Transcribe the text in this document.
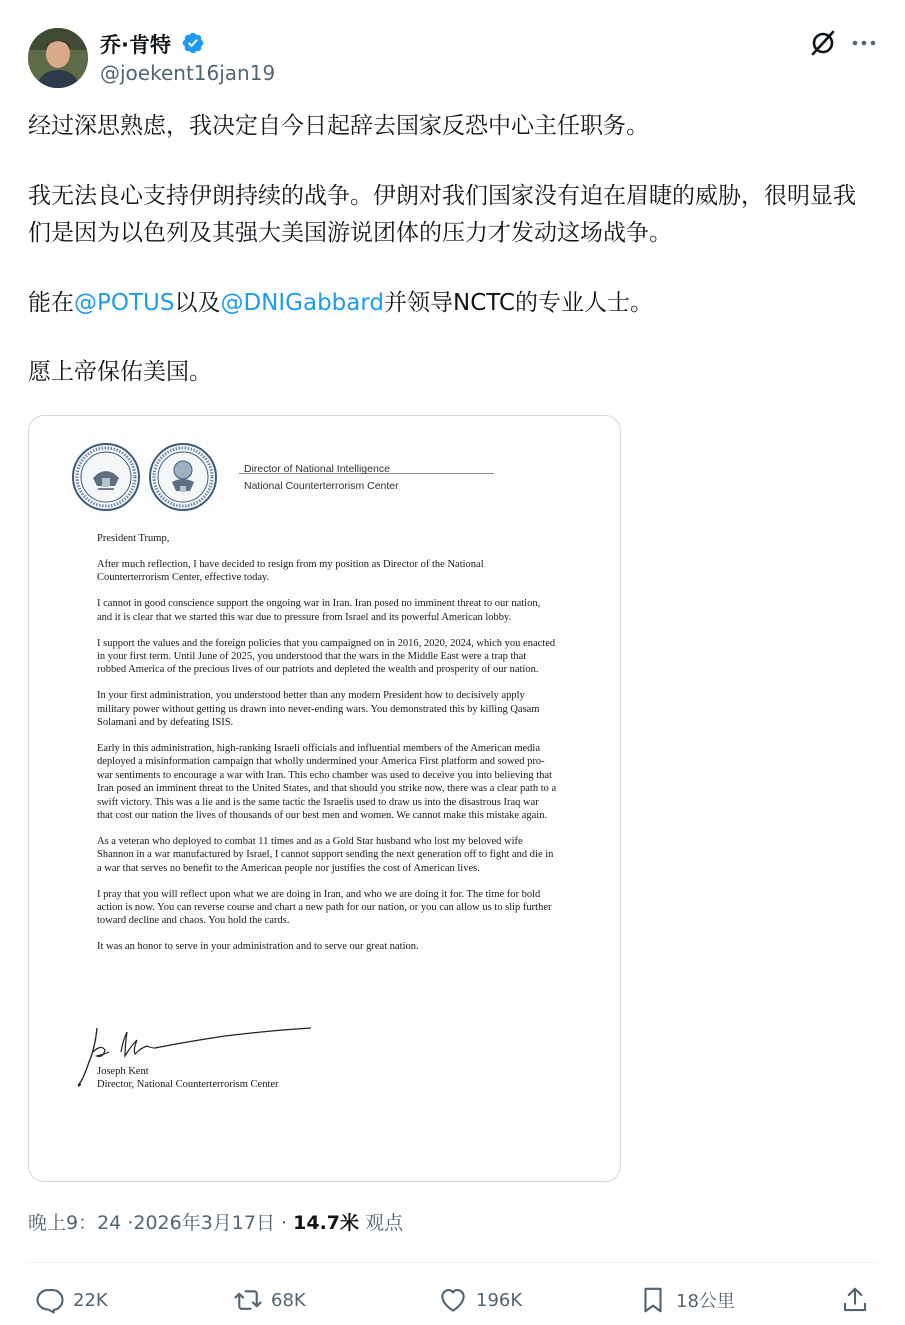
乔·肯特
@joekent16jan19

经过深思熟虑，我决定自今日起辞去国家反恐中心主任职务。

我无法良心支持伊朗持续的战争。伊朗对我们国家没有迫在眉睫的威胁，很明显我们是因为以色列及其强大美国游说团体的压力才发动这场战争。

能在@POTUS以及@DNIGabbard并领导NCTC的专业人士。

愿上帝保佑美国。

Director of National Intelligence
National Counterterrorism Center

President Trump,

After much reflection, I have decided to resign from my position as Director of the National Counterterrorism Center, effective today.

I cannot in good conscience support the ongoing war in Iran. Iran posed no imminent threat to our nation, and it is clear that we started this war due to pressure from Israel and its powerful American lobby.

I support the values and the foreign policies that you campaigned on in 2016, 2020, 2024, which you enacted in your first term. Until June of 2025, you understood that the wars in the Middle East were a trap that robbed America of the precious lives of our patriots and depleted the wealth and prosperity of our nation.

In your first administration, you understood better than any modern President how to decisively apply military power without getting us drawn into never-ending wars. You demonstrated this by killing Qasam Solamani and by defeating ISIS.

Early in this administration, high-ranking Israeli officials and influential members of the American media deployed a misinformation campaign that wholly undermined your America First platform and sowed pro-war sentiments to encourage a war with Iran. This echo chamber was used to deceive you into believing that Iran posed an imminent threat to the United States, and that should you strike now, there was a clear path to a swift victory. This was a lie and is the same tactic the Israelis used to draw us into the disastrous Iraq war that cost our nation the lives of thousands of our best men and women. We cannot make this mistake again.

As a veteran who deployed to combat 11 times and as a Gold Star husband who lost my beloved wife Shannon in a war manufactured by Israel, I cannot support sending the next generation off to fight and die in a war that serves no benefit to the American people nor justifies the cost of American lives.

I pray that you will reflect upon what we are doing in Iran, and who we are doing it for. The time for bold action is now. You can reverse course and chart a new path for our nation, or you can allow us to slip further toward decline and chaos. You hold the cards.

It was an honor to serve in your administration and to serve our great nation.

Joseph Kent
Director, National Counterterrorism Center
晚上9：24 ·2026年3月17日 · 14.7米 观点
22K	68K	196K	18公里
